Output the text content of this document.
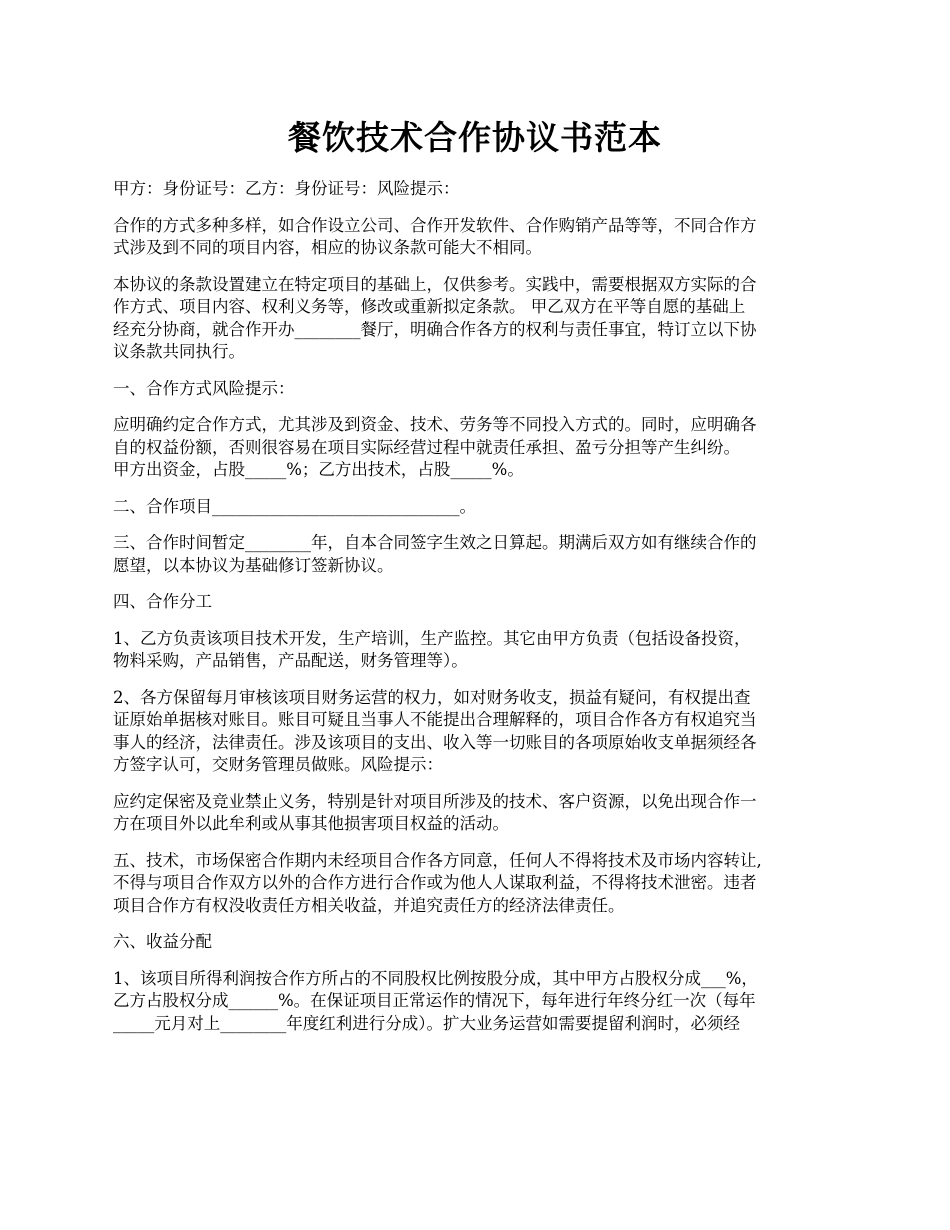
餐饮技术合作协议书范本

甲方：身份证号：乙方：身份证号：风险提示：

合作的方式多种多样，如合作设立公司、合作开发软件、合作购销产品等等，不同合作方
式涉及到不同的项目内容，相应的协议条款可能大不相同。

本协议的条款设置建立在特定项目的基础上，仅供参考。实践中，需要根据双方实际的合
作方式、项目内容、权利义务等，修改或重新拟定条款。 甲乙双方在平等自愿的基础上
经充分协商，就合作开办________餐厅，明确合作各方的权利与责任事宜，特订立以下协
议条款共同执行。

一、合作方式风险提示：

应明确约定合作方式，尤其涉及到资金、技术、劳务等不同投入方式的。同时，应明确各
自的权益份额，否则很容易在项目实际经营过程中就责任承担、盈亏分担等产生纠纷。
甲方出资金，占股_____%；乙方出技术，占股_____%。

二、合作项目______________________________。

三、合作时间暂定________年，自本合同签字生效之日算起。期满后双方如有继续合作的
愿望，以本协议为基础修订签新协议。

四、合作分工

1、乙方负责该项目技术开发，生产培训，生产监控。其它由甲方负责（包括设备投资，
物料采购，产品销售，产品配送，财务管理等）。

2、各方保留每月审核该项目财务运营的权力，如对财务收支，损益有疑问，有权提出查
证原始单据核对账目。账目可疑且当事人不能提出合理解释的，项目合作各方有权追究当
事人的经济，法律责任。涉及该项目的支出、收入等一切账目的各项原始收支单据须经各
方签字认可，交财务管理员做账。风险提示：

应约定保密及竞业禁止义务，特别是针对项目所涉及的技术、客户资源，以免出现合作一
方在项目外以此牟利或从事其他损害项目权益的活动。

五、技术，市场保密合作期内未经项目合作各方同意，任何人不得将技术及市场内容转让,
不得与项目合作双方以外的合作方进行合作或为他人人谋取利益，不得将技术泄密。违者
项目合作方有权没收责任方相关收益，并追究责任方的经济法律责任。

六、收益分配

1、该项目所得利润按合作方所占的不同股权比例按股分成，其中甲方占股权分成___%，
乙方占股权分成______%。在保证项目正常运作的情况下，每年进行年终分红一次（每年
_____元月对上________年度红利进行分成）。扩大业务运营如需要提留利润时，必须经
